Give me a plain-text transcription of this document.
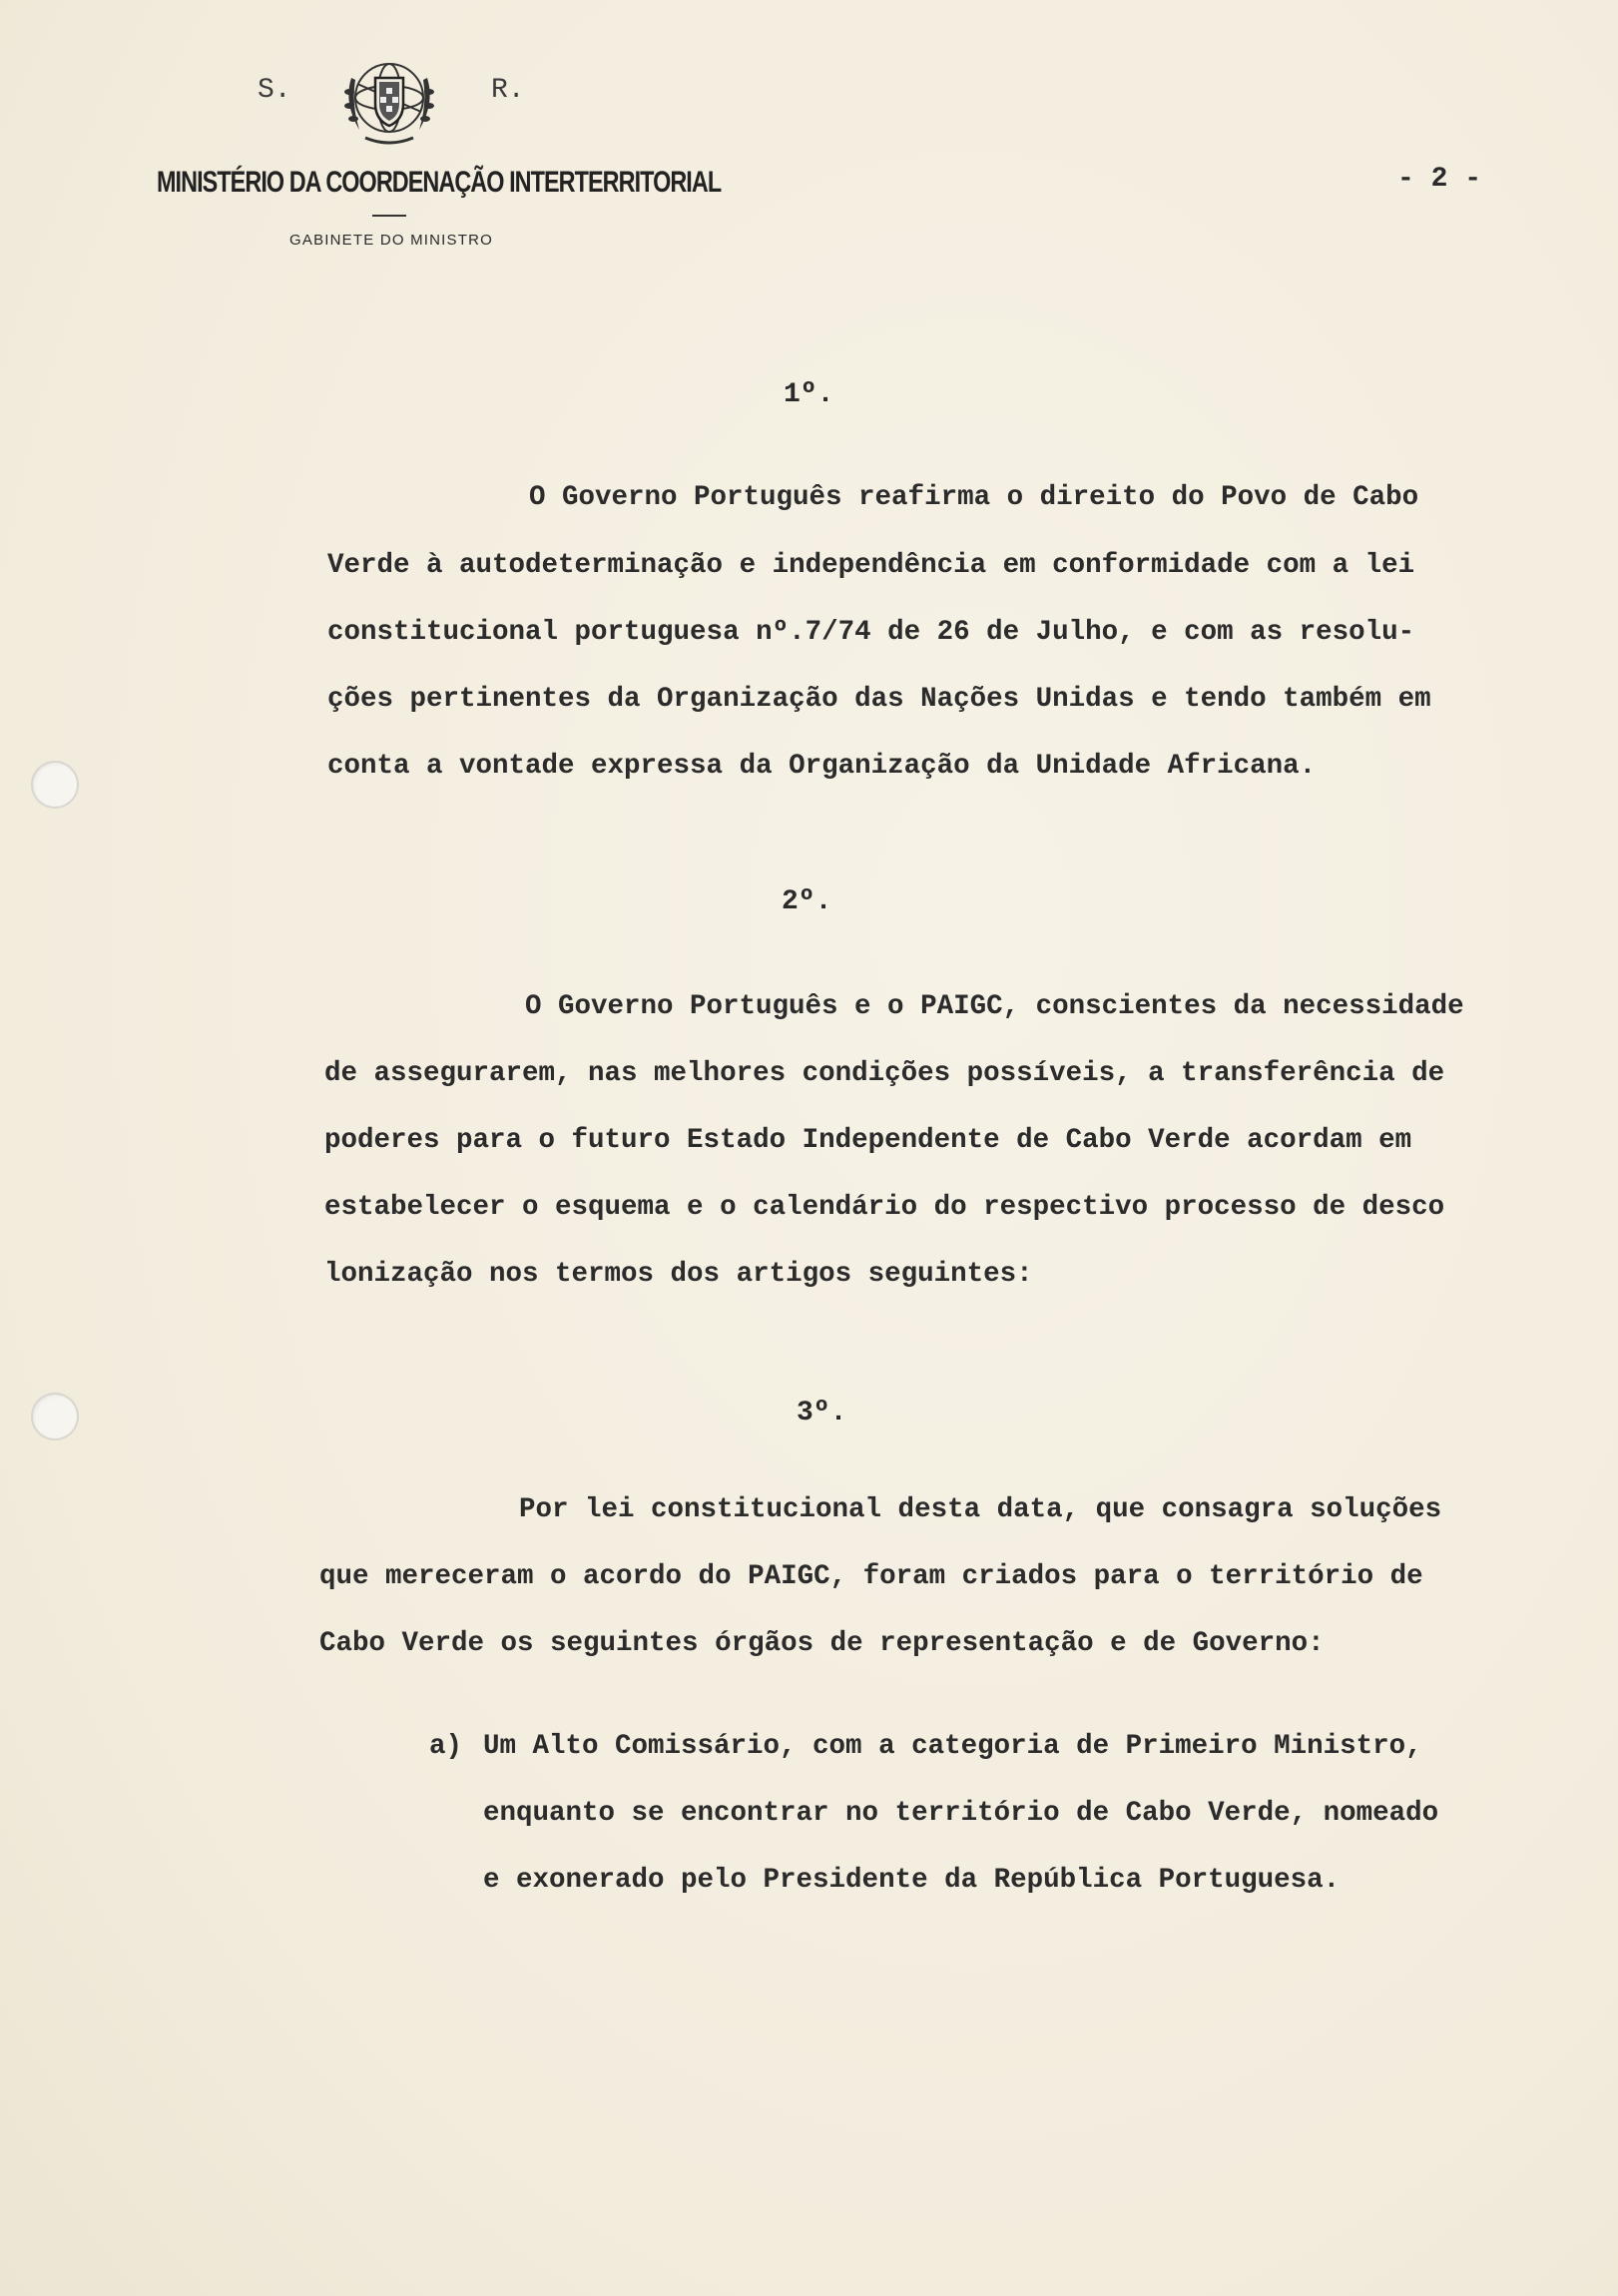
S.	R.
MINISTÉRIO DA COORDENAÇÃO INTERTERRITORIAL
GABINETE DO MINISTRO
- 2 -
1º.
O Governo Português reafirma o direito do Povo de Cabo
Verde à autodeterminação e independência em conformidade com a lei
constitucional portuguesa nº.7/74 de 26 de Julho, e com as resolu-
ções pertinentes da Organização das Nações Unidas e tendo também em
conta a vontade expressa da Organização da Unidade Africana.
2º.
O Governo Português e o PAIGC, conscientes da necessidade
de assegurarem, nas melhores condições possíveis, a transferência de
poderes para o futuro Estado Independente de Cabo Verde acordam em
estabelecer o esquema e o calendário do respectivo processo de desco
lonização nos termos dos artigos seguintes:
3º.
Por lei constitucional desta data, que consagra soluções
que mereceram o acordo do PAIGC, foram criados para o território de
Cabo Verde os seguintes órgãos de representação e de Governo:
a) Um Alto Comissário, com a categoria de Primeiro Ministro,
enquanto se encontrar no território de Cabo Verde, nomeado
e exonerado pelo Presidente da República Portuguesa.
